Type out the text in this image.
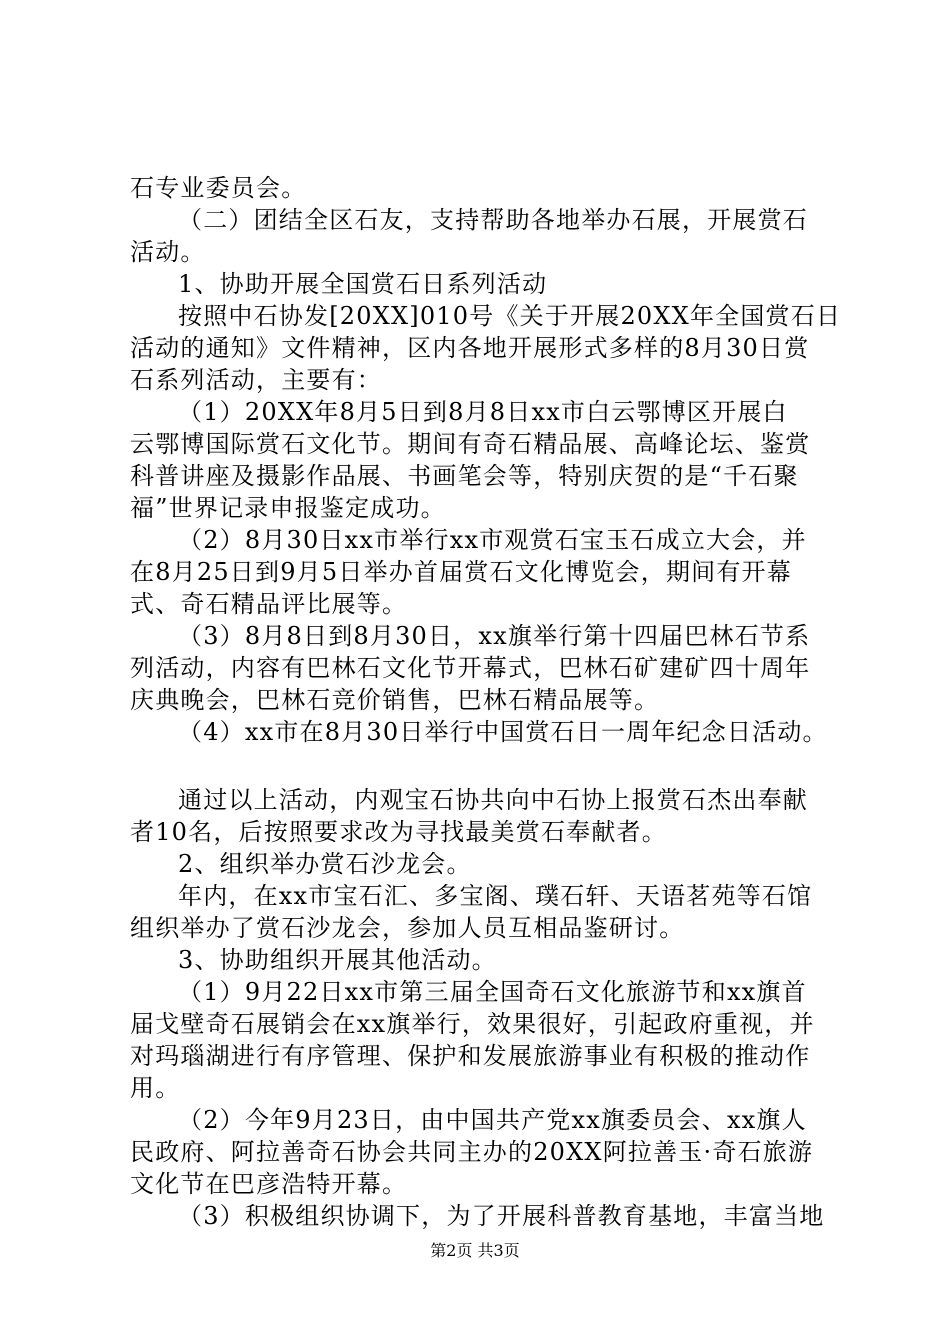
石专业委员会。
（二）团结全区石友，支持帮助各地举办石展，开展赏石
活动。
1、协助开展全国赏石日系列活动
按照中石协发[20XX]010号《关于开展20XX年全国赏石日
活动的通知》文件精神，区内各地开展形式多样的8月30日赏
石系列活动，主要有：
（1）20XX年8月5日到8月8日xx市白云鄂博区开展白
云鄂博国际赏石文化节。期间有奇石精品展、高峰论坛、鉴赏
科普讲座及摄影作品展、书画笔会等，特别庆贺的是“千石聚
福”世界记录申报鉴定成功。
（2）8月30日xx市举行xx市观赏石宝玉石成立大会，并
在8月25日到9月5日举办首届赏石文化博览会，期间有开幕
式、奇石精品评比展等。
（3）8月8日到8月30日，xx旗举行第十四届巴林石节系
列活动，内容有巴林石文化节开幕式，巴林石矿建矿四十周年
庆典晚会，巴林石竞价销售，巴林石精品展等。
（4）xx市在8月30日举行中国赏石日一周年纪念日活动。
通过以上活动，内观宝石协共向中石协上报赏石杰出奉献
者10名，后按照要求改为寻找最美赏石奉献者。
2、组织举办赏石沙龙会。
年内，在xx市宝石汇、多宝阁、璞石轩、天语茗苑等石馆
组织举办了赏石沙龙会，参加人员互相品鉴研讨。
3、协助组织开展其他活动。
（1）9月22日xx市第三届全国奇石文化旅游节和xx旗首
届戈壁奇石展销会在xx旗举行，效果很好，引起政府重视，并
对玛瑙湖进行有序管理、保护和发展旅游事业有积极的推动作
用。
（2）今年9月23日，由中国共产党xx旗委员会、xx旗人
民政府、阿拉善奇石协会共同主办的20XX阿拉善玉·奇石旅游
文化节在巴彦浩特开幕。
（3）积极组织协调下，为了开展科普教育基地，丰富当地
第2页 共3页
